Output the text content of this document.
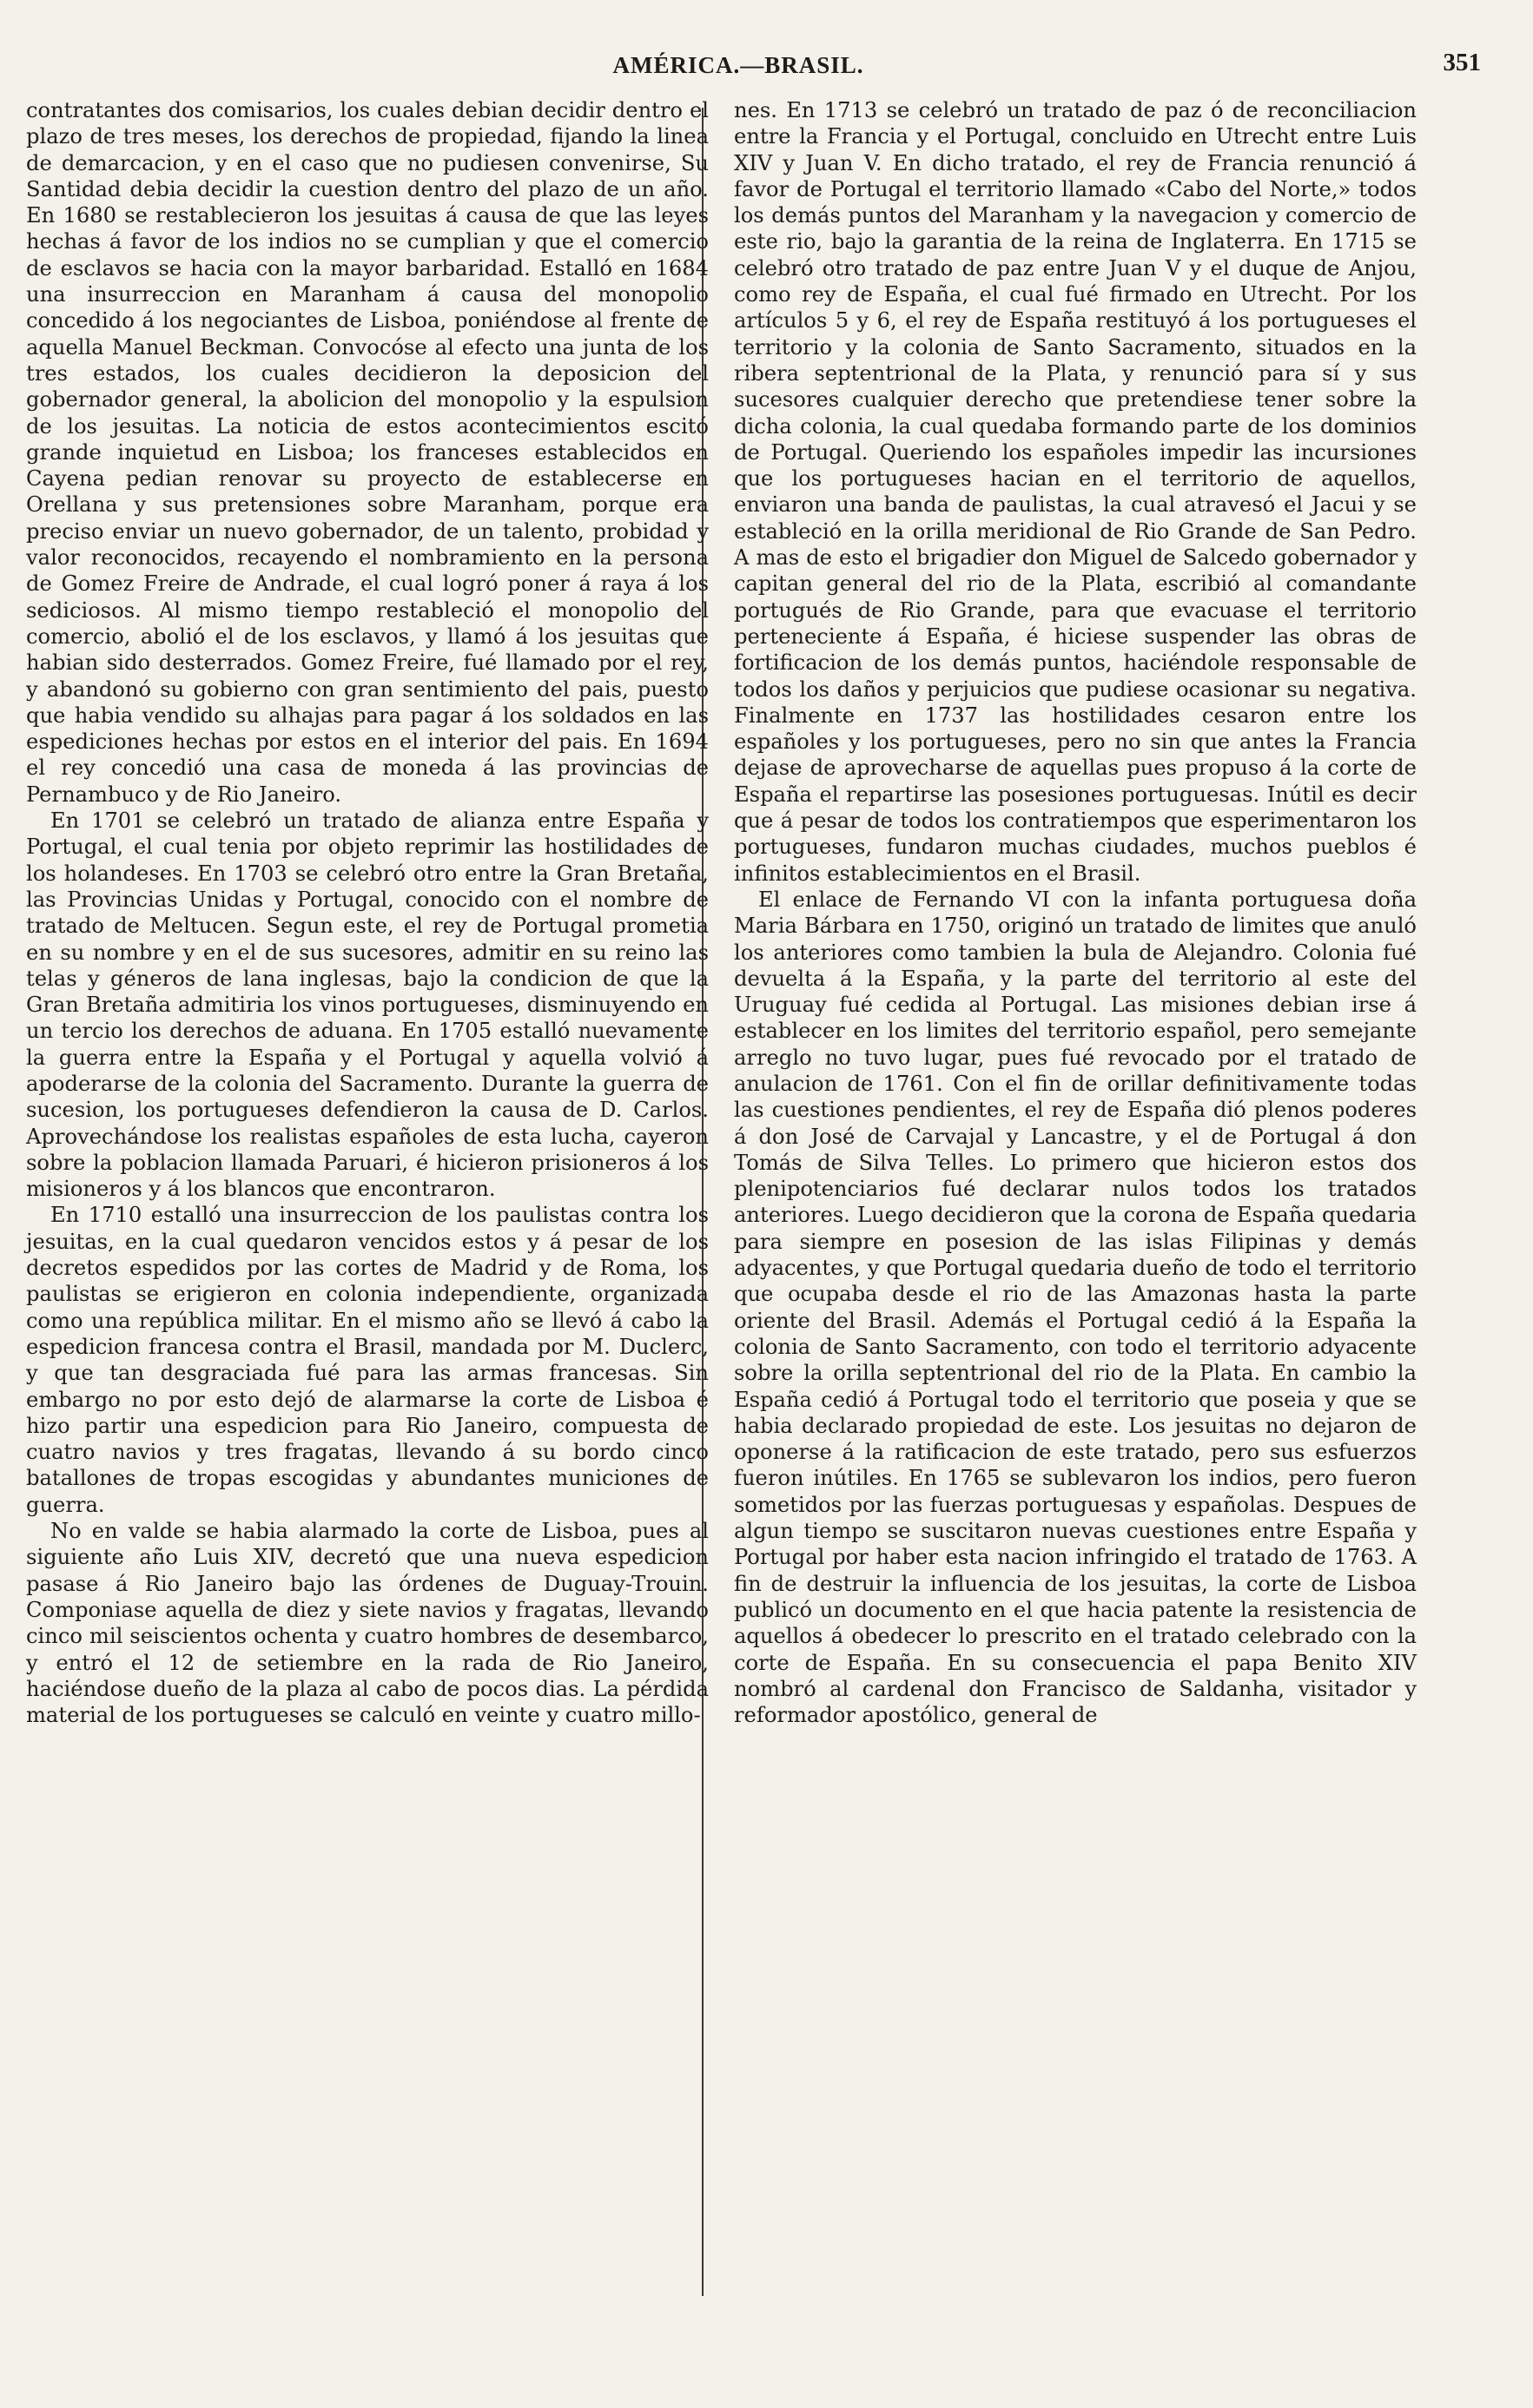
AMÉRICA.—BRASIL.	351

contratantes dos comisarios, los cuales debian decidir dentro el plazo de tres meses, los derechos de propiedad, fijando la linea de demarcacion, y en el caso que no pudiesen convenirse, Su Santidad debia decidir la cuestion dentro del plazo de un año. En 1680 se restablecieron los jesuitas á causa de que las leyes hechas á favor de los indios no se cumplian y que el comercio de esclavos se hacia con la mayor barbaridad. Estalló en 1684 una insurreccion en Maranham á causa del monopolio concedido á los negociantes de Lisboa, poniéndose al frente de aquella Manuel Beckman. Convocóse al efecto una junta de los tres estados, los cuales decidieron la deposicion del gobernador general, la abolicion del monopolio y la espulsion de los jesuitas. La noticia de estos acontecimientos escitó grande inquietud en Lisboa; los franceses establecidos en Cayena pedian renovar su proyecto de establecerse en Orellana y sus pretensiones sobre Maranham, porque era preciso enviar un nuevo gobernador, de un talento, probidad y valor reconocidos, recayendo el nombramiento en la persona de Gomez Freire de Andrade, el cual logró poner á raya á los sediciosos. Al mismo tiempo restableció el monopolio del comercio, abolió el de los esclavos, y llamó á los jesuitas que habian sido desterrados. Gomez Freire, fué llamado por el rey, y abandonó su gobierno con gran sentimiento del pais, puesto que habia vendido su alhajas para pagar á los soldados en las espediciones hechas por estos en el interior del pais. En 1694 el rey concedió una casa de moneda á las provincias de Pernambuco y de Rio Janeiro.

En 1701 se celebró un tratado de alianza entre España y Portugal, el cual tenia por objeto reprimir las hostilidades de los holandeses. En 1703 se celebró otro entre la Gran Bretaña, las Provincias Unidas y Portugal, conocido con el nombre de tratado de Meltucen. Segun este, el rey de Portugal prometia en su nombre y en el de sus sucesores, admitir en su reino las telas y géneros de lana inglesas, bajo la condicion de que la Gran Bretaña admitiria los vinos portugueses, disminuyendo en un tercio los derechos de aduana. En 1705 estalló nuevamente la guerra entre la España y el Portugal y aquella volvió á apoderarse de la colonia del Sacramento. Durante la guerra de sucesion, los portugueses defendieron la causa de D. Carlos. Aprovechándose los realistas españoles de esta lucha, cayeron sobre la poblacion llamada Paruari, é hicieron prisioneros á los misioneros y á los blancos que encontraron.

En 1710 estalló una insurreccion de los paulistas contra los jesuitas, en la cual quedaron vencidos estos y á pesar de los decretos espedidos por las cortes de Madrid y de Roma, los paulistas se erigieron en colonia independiente, organizada como una república militar. En el mismo año se llevó á cabo la espedicion francesa contra el Brasil, mandada por M. Duclerc, y que tan desgraciada fué para las armas francesas. Sin embargo no por esto dejó de alarmarse la corte de Lisboa é hizo partir una espedicion para Rio Janeiro, compuesta de cuatro navios y tres fragatas, llevando á su bordo cinco batallones de tropas escogidas y abundantes municiones de guerra.

No en valde se habia alarmado la corte de Lisboa, pues al siguiente año Luis XIV, decretó que una nueva espedicion pasase á Rio Janeiro bajo las órdenes de Duguay-Trouin. Componiase aquella de diez y siete navios y fragatas, llevando cinco mil seiscientos ochenta y cuatro hombres de desembarco, y entró el 12 de setiembre en la rada de Rio Janeiro, haciéndose dueño de la plaza al cabo de pocos dias. La pérdida material de los portugueses se calculó en veinte y cuatro millo-

nes. En 1713 se celebró un tratado de paz ó de reconciliacion entre la Francia y el Portugal, concluido en Utrecht entre Luis XIV y Juan V. En dicho tratado, el rey de Francia renunció á favor de Portugal el territorio llamado «Cabo del Norte,» todos los demás puntos del Maranham y la navegacion y comercio de este rio, bajo la garantia de la reina de Inglaterra. En 1715 se celebró otro tratado de paz entre Juan V y el duque de Anjou, como rey de España, el cual fué firmado en Utrecht. Por los artículos 5 y 6, el rey de España restituyó á los portugueses el territorio y la colonia de Santo Sacramento, situados en la ribera septentrional de la Plata, y renunció para sí y sus sucesores cualquier derecho que pretendiese tener sobre la dicha colonia, la cual quedaba formando parte de los dominios de Portugal. Queriendo los españoles impedir las incursiones que los portugueses hacian en el territorio de aquellos, enviaron una banda de paulistas, la cual atravesó el Jacui y se estableció en la orilla meridional de Rio Grande de San Pedro. A mas de esto el brigadier don Miguel de Salcedo gobernador y capitan general del rio de la Plata, escribió al comandante portugués de Rio Grande, para que evacuase el territorio perteneciente á España, é hiciese suspender las obras de fortificacion de los demás puntos, haciéndole responsable de todos los daños y perjuicios que pudiese ocasionar su negativa. Finalmente en 1737 las hostilidades cesaron entre los españoles y los portugueses, pero no sin que antes la Francia dejase de aprovecharse de aquellas pues propuso á la corte de España el repartirse las posesiones portuguesas. Inútil es decir que á pesar de todos los contratiempos que esperimentaron los portugueses, fundaron muchas ciudades, muchos pueblos é infinitos establecimientos en el Brasil.

El enlace de Fernando VI con la infanta portuguesa doña Maria Bárbara en 1750, originó un tratado de limites que anuló los anteriores como tambien la bula de Alejandro. Colonia fué devuelta á la España, y la parte del territorio al este del Uruguay fué cedida al Portugal. Las misiones debian irse á establecer en los limites del territorio español, pero semejante arreglo no tuvo lugar, pues fué revocado por el tratado de anulacion de 1761. Con el fin de orillar definitivamente todas las cuestiones pendientes, el rey de España dió plenos poderes á don José de Carvajal y Lancastre, y el de Portugal á don Tomás de Silva Telles. Lo primero que hicieron estos dos plenipotenciarios fué declarar nulos todos los tratados anteriores. Luego decidieron que la corona de España quedaria para siempre en posesion de las islas Filipinas y demás adyacentes, y que Portugal quedaria dueño de todo el territorio que ocupaba desde el rio de las Amazonas hasta la parte oriente del Brasil. Además el Portugal cedió á la España la colonia de Santo Sacramento, con todo el territorio adyacente sobre la orilla septentrional del rio de la Plata. En cambio la España cedió á Portugal todo el territorio que poseia y que se habia declarado propiedad de este. Los jesuitas no dejaron de oponerse á la ratificacion de este tratado, pero sus esfuerzos fueron inútiles. En 1765 se sublevaron los indios, pero fueron sometidos por las fuerzas portuguesas y españolas. Despues de algun tiempo se suscitaron nuevas cuestiones entre España y Portugal por haber esta nacion infringido el tratado de 1763. A fin de destruir la influencia de los jesuitas, la corte de Lisboa publicó un documento en el que hacia patente la resistencia de aquellos á obedecer lo prescrito en el tratado celebrado con la corte de España. En su consecuencia el papa Benito XIV nombró al cardenal don Francisco de Saldanha, visitador y reformador apostólico, general de
